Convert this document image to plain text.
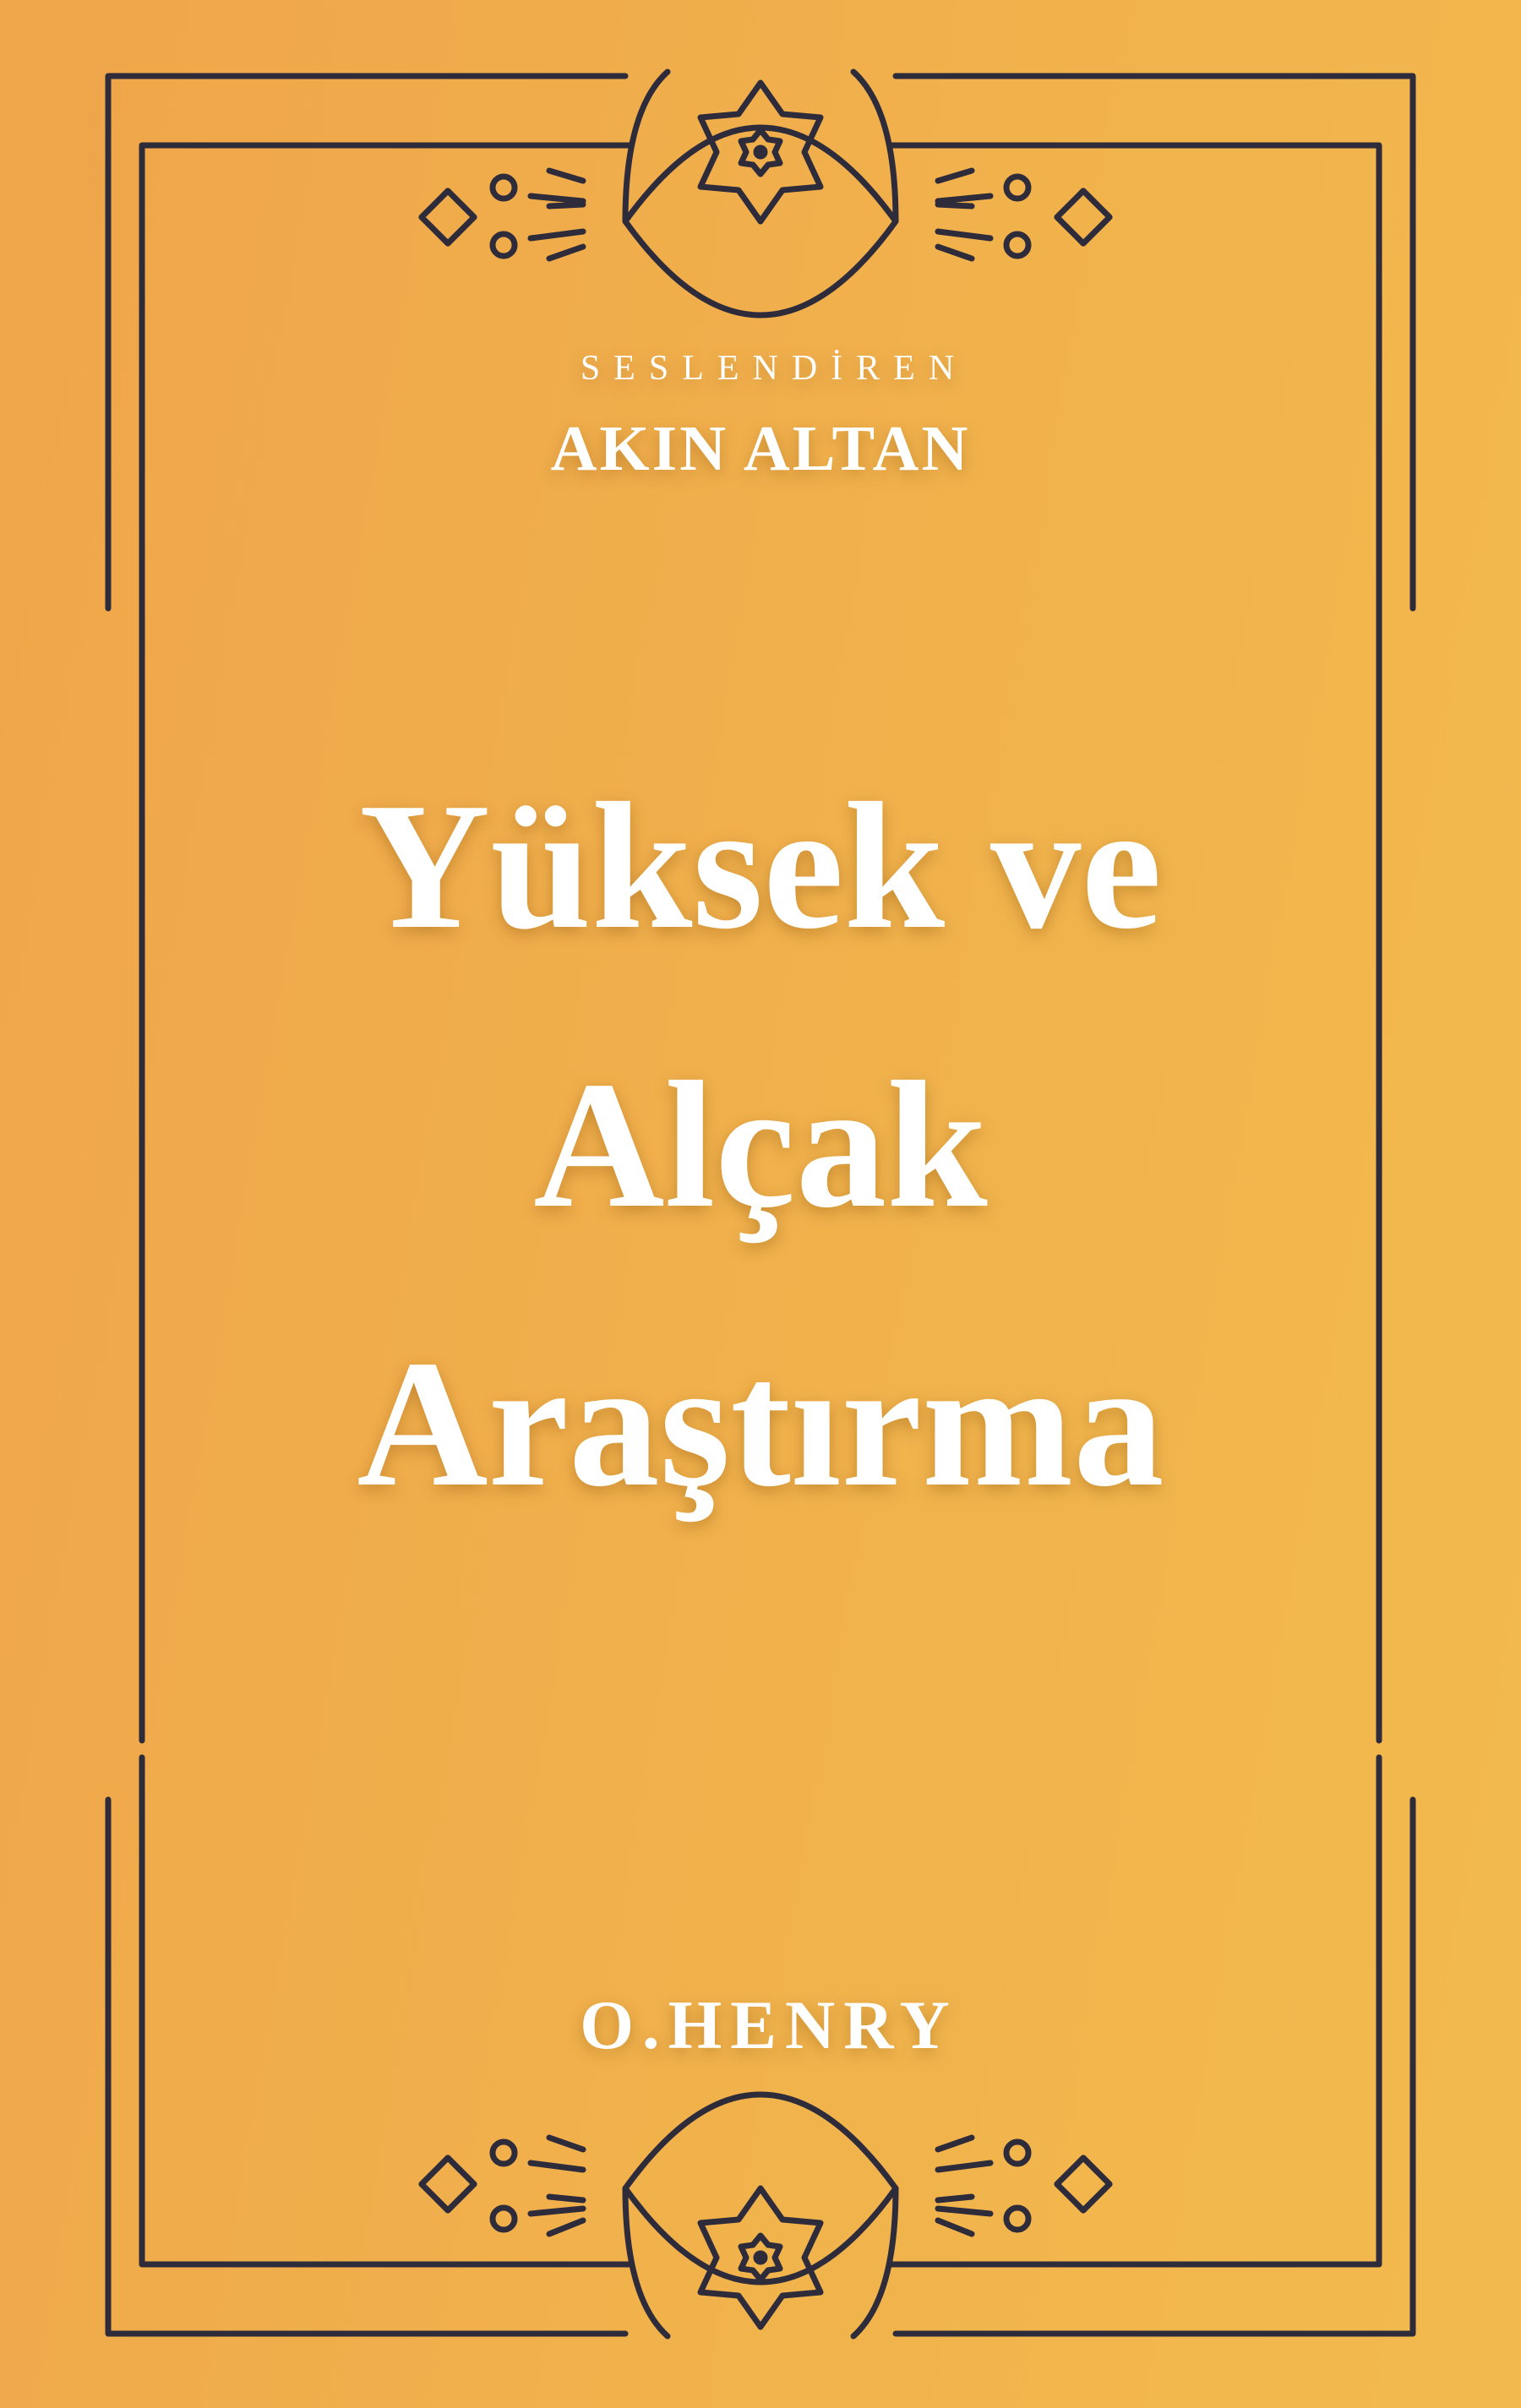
SESLENDİREN
AKIN ALTAN
Yüksek ve
Alçak
Araştırma
O.HENRY
